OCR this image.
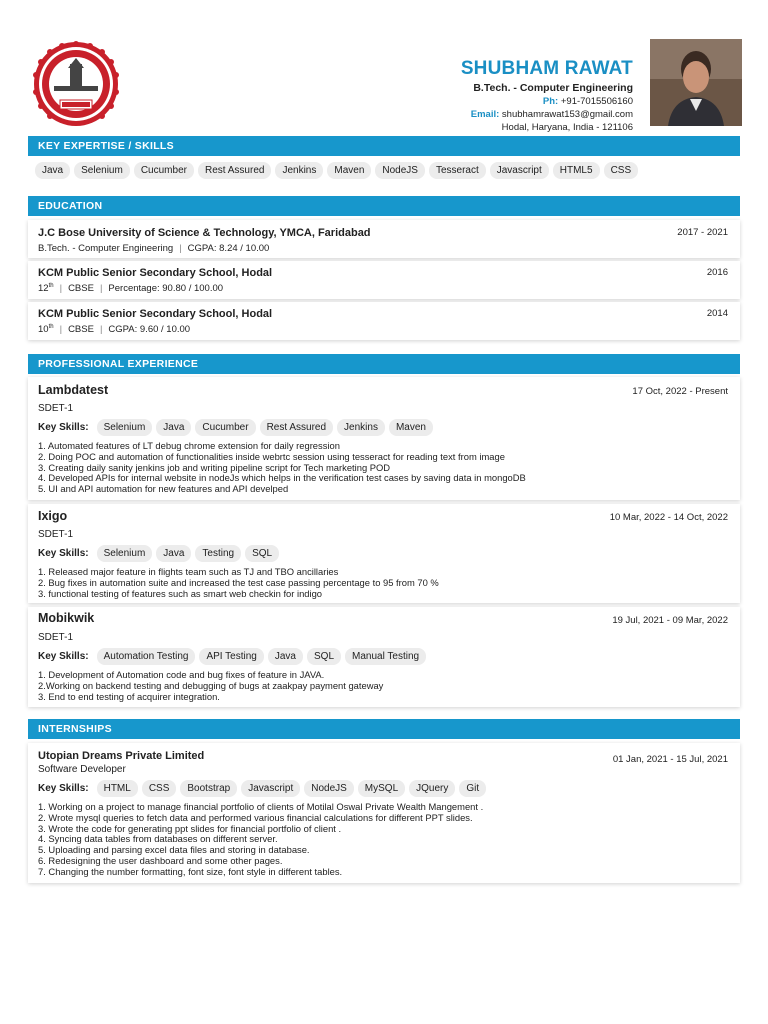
SHUBHAM RAWAT
B.Tech. - Computer Engineering
Ph: +91-7015506160
Email: shubhamrawat153@gmail.com
Hodal, Haryana, India - 121106
KEY EXPERTISE / SKILLS
Java	Selenium	Cucumber	Rest Assured	Jenkins	Maven	NodeJS	Tesseract	Javascript	HTML5	CSS
EDUCATION
J.C Bose University of Science & Technology, YMCA, Faridabad	2017 - 2021
B.Tech. - Computer Engineering | CGPA: 8.24 / 10.00
KCM Public Senior Secondary School, Hodal	2016
12th | CBSE | Percentage: 90.80 / 100.00
KCM Public Senior Secondary School, Hodal	2014
10th | CBSE | CGPA: 9.60 / 10.00
PROFESSIONAL EXPERIENCE
Lambdatest	17 Oct, 2022 - Present
SDET-1
Key Skills:	Selenium	Java	Cucumber	Rest Assured	Jenkins	Maven
1. Automated features of LT debug chrome extension for daily regression
2. Doing POC and automation of functionalities inside webrtc session using tesseract for reading text from image
3. Creating daily sanity jenkins job and writing pipeline script for Tech marketing POD
4. Developed APIs for internal website in nodeJs which helps in the verification test cases by saving data in mongoDB
5. UI and API automation for new features and API develped
Ixigo	10 Mar, 2022 - 14 Oct, 2022
SDET-1
Key Skills:	Selenium	Java	Testing	SQL
1. Released major feature in flights team such as TJ and TBO ancillaries
2. Bug fixes in automation suite and increased the test case passing percentage to 95 from 70 %
3. functional testing of features such as smart web checkin for indigo
Mobikwik	19 Jul, 2021 - 09 Mar, 2022
SDET-1
Key Skills:	Automation Testing	API Testing	Java	SQL	Manual Testing
1. Development of Automation code and bug fixes of feature in JAVA.
2.Working on backend testing and debugging of bugs at zaakpay payment gateway
3. End to end testing of acquirer integration.
INTERNSHIPS
Utopian Dreams Private Limited	01 Jan, 2021 - 15 Jul, 2021
Software Developer
Key Skills:	HTML	CSS	Bootstrap	Javascript	NodeJS	MySQL	JQuery	Git
1. Working on a project to manage financial portfolio of clients of Motilal Oswal Private Wealth Mangement .
2. Wrote mysql queries to fetch data and performed various financial calculations for different PPT slides.
3. Wrote the code for generating ppt slides for financial portfolio of client .
4. Syncing data tables from databases on different server.
5. Uploading and parsing excel data files and storing in database.
6. Redesigning the user dashboard and some other pages.
7. Changing the number formatting, font size, font style in different tables.
